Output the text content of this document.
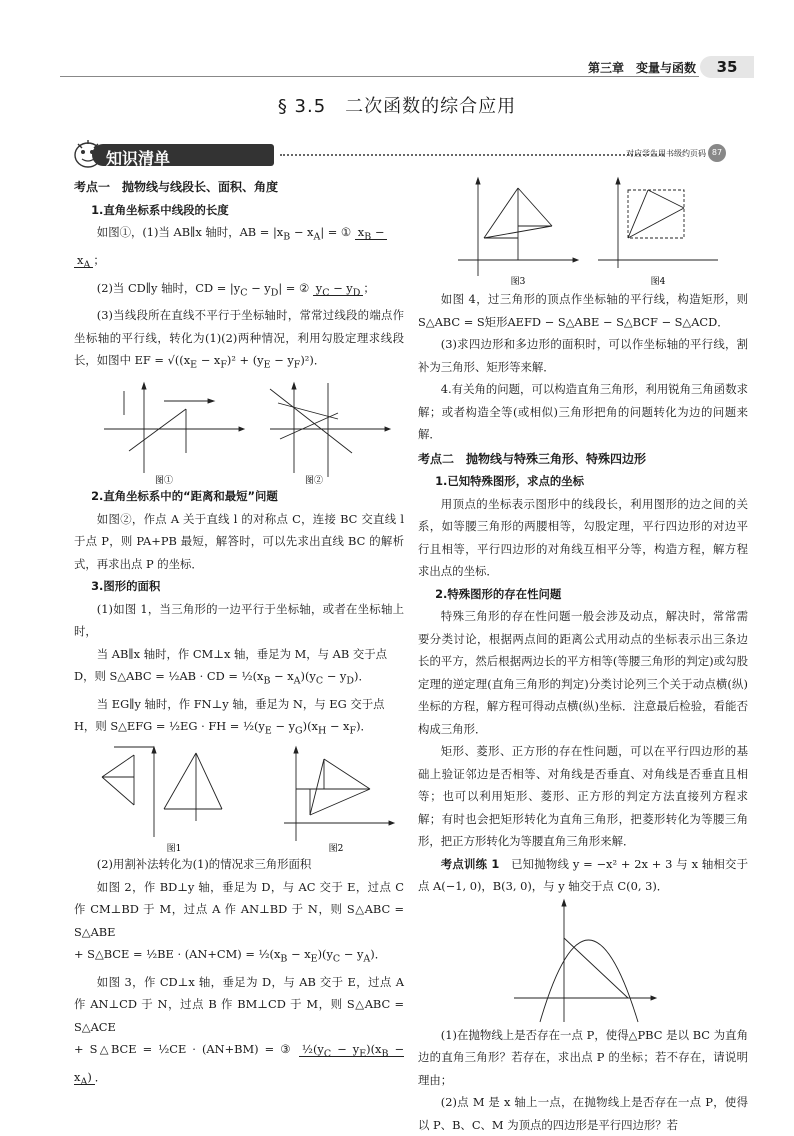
第三章　变量与函数	35
§ 3.5　二次函数的综合应用
知识清单	对应学生用书级约页码 87

考点一　抛物线与线段长、面积、角度

1.直角坐标系中线段的长度

如图①，(1)当 AB∥x 轴时，AB = $|x_B - x_A|$ = ① $x_B$ −

$x_A$ ；

(2)当 CD∥y 轴时，CD = $|y_C - y_D|$ = ② $y_C - y_D$ ；

(3)当线段所在直线不平行于坐标轴时，常常过线段的端点作坐标轴的平行线，转化为(1)(2)两种情况，利用勾股定理求线段长，如图中 EF = $√((x_E - x_F)^2 + (y_E - y_F)^2)$．

图①	图②

2.直角坐标系中的“距离和最短”问题

如图②，作点 A 关于直线 l 的对称点 C，连接 BC 交直线 l 于点 P，则 PA+PB 最短，解答时，可以先求出直线 BC 的解析式，再求出点 P 的坐标．

3.图形的面积

(1)如图 1，当三角形的一边平行于坐标轴，或者在坐标轴上时，

当 AB∥x 轴时，作 CM⊥x 轴，垂足为 M，与 AB 交于点

D，则 S△ABC = ½AB · CD = $\frac{1}{2}(x_B - x_A)(y_C - y_D)$．

当 EG∥y 轴时，作 FN⊥y 轴，垂足为 N，与 EG 交于点

H，则 S△EFG = ½EG · FH = $\frac{1}{2}(y_E - y_G)(x_H - x_F)$．

图1	图2

(2)用割补法转化为(1)的情况求三角形面积

如图 2，作 BD⊥y 轴，垂足为 D，与 AC 交于 E，过点 C 作 CM⊥BD 于 M，过点 A 作 AN⊥BD 于 N，则 S△ABC = S△ABE

+ S△BCE = ½BE · $(AN+CM) = \frac{1}{2}(x_B - x_E)(y_C - y_A)$．

如图 3，作 CD⊥x 轴，垂足为 D，与 AB 交于 E，过点 A 作 AN⊥CD 于 N，过点 B 作 BM⊥CD 于 M，则 S△ABC = S△ACE

+ S△BCE = ½CE · (AN+BM) = ③ $\frac{1}{2}(y_C - y_E)(x_B - x_A)$ ．

图3	图4

如图 4，过三角形的顶点作坐标轴的平行线，构造矩形，则 S△ABC = S矩形AEFD − S△ABE − S△BCF − S△ACD．

(3)求四边形和多边形的面积时，可以作坐标轴的平行线，割补为三角形、矩形等来解．

4.有关角的问题，可以构造直角三角形，利用锐角三角函数求解；或者构造全等(或相似)三角形把角的问题转化为边的问题来解．

考点二　抛物线与特殊三角形、特殊四边形

1.已知特殊图形，求点的坐标

用顶点的坐标表示图形中的线段长，利用图形的边之间的关系，如等腰三角形的两腰相等，勾股定理，平行四边形的对边平行且相等，平行四边形的对角线互相平分等，构造方程，解方程求出点的坐标．

2.特殊图形的存在性问题

特殊三角形的存在性问题一般会涉及动点，解决时，常常需要分类讨论，根据两点间的距离公式用动点的坐标表示出三条边长的平方，然后根据两边长的平方相等(等腰三角形的判定)或勾股定理的逆定理(直角三角形的判定)分类讨论列三个关于动点横(纵)坐标的方程，解方程可得动点横(纵)坐标．注意最后检验，看能否构成三角形．

矩形、菱形、正方形的存在性问题，可以在平行四边形的基础上验证邻边是否相等、对角线是否垂直、对角线是否垂直且相等；也可以利用矩形、菱形、正方形的判定方法直接列方程求解；有时也会把矩形转化为直角三角形，把菱形转化为等腰三角形，把正方形转化为等腰直角三角形来解．

考点训练 1　已知抛物线 y = −x² + 2x + 3 与 x 轴相交于点 A(−1, 0)，B(3, 0)，与 y 轴交于点 C(0, 3)．

(1)在抛物线上是否存在一点 P，使得△PBC 是以 BC 为直角边的直角三角形？若存在，求出点 P 的坐标；若不存在，请说明理由；

(2)点 M 是 x 轴上一点，在抛物线上是否存在一点 P，使得以 P、B、C、M 为顶点的四边形是平行四边形？若
